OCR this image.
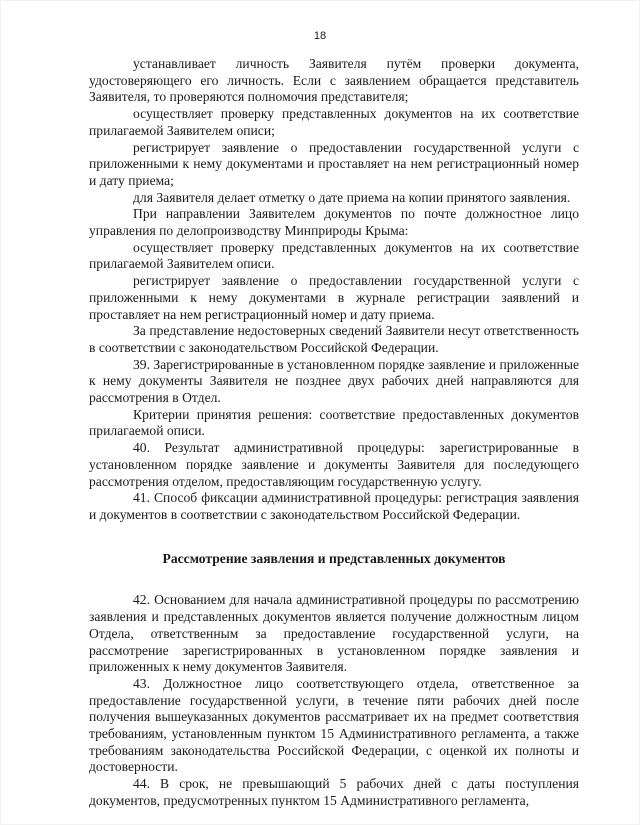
18

устанавливает личность Заявителя путём проверки документа, удостоверяющего его личность. Если с заявлением обращается представитель Заявителя, то проверяются полномочия представителя;

осуществляет проверку представленных документов на их соответствие прилагаемой Заявителем описи;

регистрирует заявление о предоставлении государственной услуги с приложенными к нему документами и проставляет на нем регистрационный номер и дату приема;

для Заявителя делает отметку о дате приема на копии принятого заявления.

При направлении Заявителем документов по почте должностное лицо управления по делопроизводству Минприроды Крыма:

осуществляет проверку представленных документов на их соответствие прилагаемой Заявителем описи.

регистрирует заявление о предоставлении государственной услуги с приложенными к нему документами в журнале регистрации заявлений и проставляет на нем регистрационный номер и дату приема.

За представление недостоверных сведений Заявители несут ответственность в соответствии с законодательством Российской Федерации.

39. Зарегистрированные в установленном порядке заявление и приложенные к нему документы Заявителя не позднее двух рабочих дней направляются для рассмотрения в Отдел.

Критерии принятия решения: соответствие предоставленных документов прилагаемой описи.

40. Результат административной процедуры: зарегистрированные в установленном порядке заявление и документы Заявителя для последующего рассмотрения отделом, предоставляющим государственную услугу.

41. Способ фиксации административной процедуры: регистрация заявления и документов в соответствии с законодательством Российской Федерации.

Рассмотрение заявления и представленных документов

42. Основанием для начала административной процедуры по рассмотрению заявления и представленных документов является получение должностным лицом Отдела, ответственным за предоставление государственной услуги, на рассмотрение зарегистрированных в установленном порядке заявления и приложенных к нему документов Заявителя.

43. Должностное лицо соответствующего отдела, ответственное за предоставление государственной услуги, в течение пяти рабочих дней после получения вышеуказанных документов рассматривает их на предмет соответствия требованиям, установленным пунктом 15 Административного регламента, а также требованиям законодательства Российской Федерации, с оценкой их полноты и достоверности.

44. В срок, не превышающий 5 рабочих дней с даты поступления документов, предусмотренных пунктом 15 Административного регламента,
